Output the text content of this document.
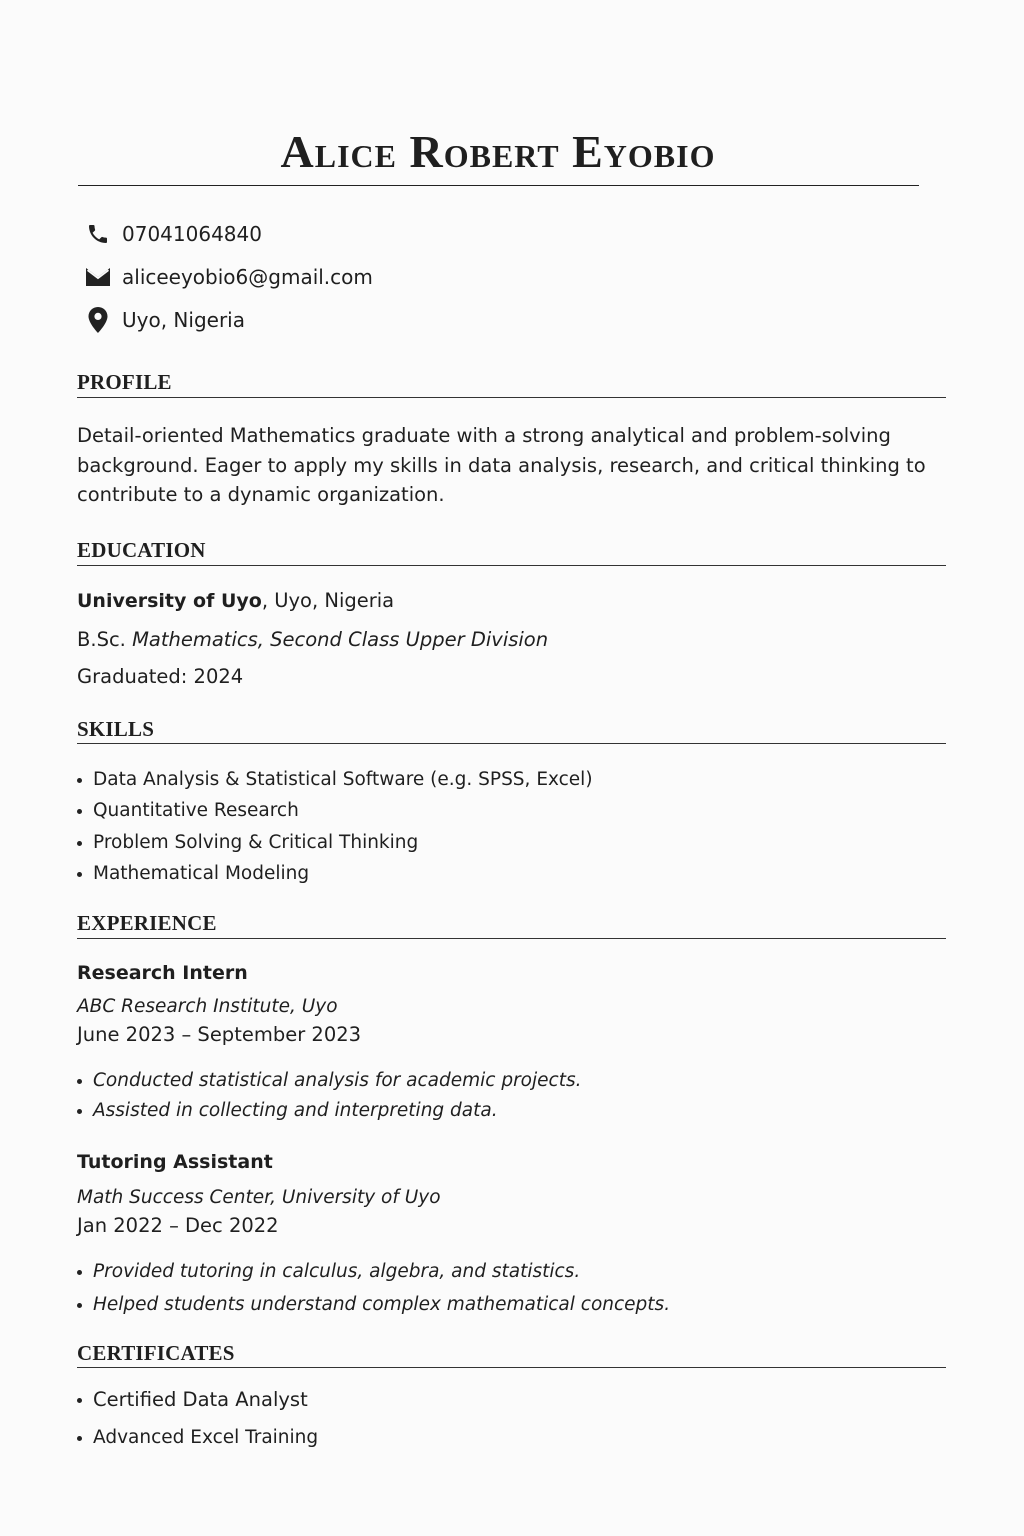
Alice Robert Eyobio
07041064840
aliceeyobio6@gmail.com
Uyo, Nigeria
PROFILE

Detail-oriented Mathematics graduate with a strong analytical and problem-solving background. Eager to apply my skills in data analysis, research, and critical thinking to contribute to a dynamic organization.

EDUCATION

University of Uyo, Uyo, Nigeria

B.Sc. Mathematics, Second Class Upper Division

Graduated: 2024

SKILLS

Data Analysis & Statistical Software (e.g. SPSS, Excel)

Quantitative Research

Problem Solving & Critical Thinking

Mathematical Modeling

EXPERIENCE

Research Intern

ABC Research Institute, Uyo

June 2023 – September 2023

Conducted statistical analysis for academic projects.

Assisted in collecting and interpreting data.

Tutoring Assistant

Math Success Center, University of Uyo

Jan 2022 – Dec 2022

Provided tutoring in calculus, algebra, and statistics.

Helped students understand complex mathematical concepts.

CERTIFICATES

Certified Data Analyst

Advanced Excel Training
